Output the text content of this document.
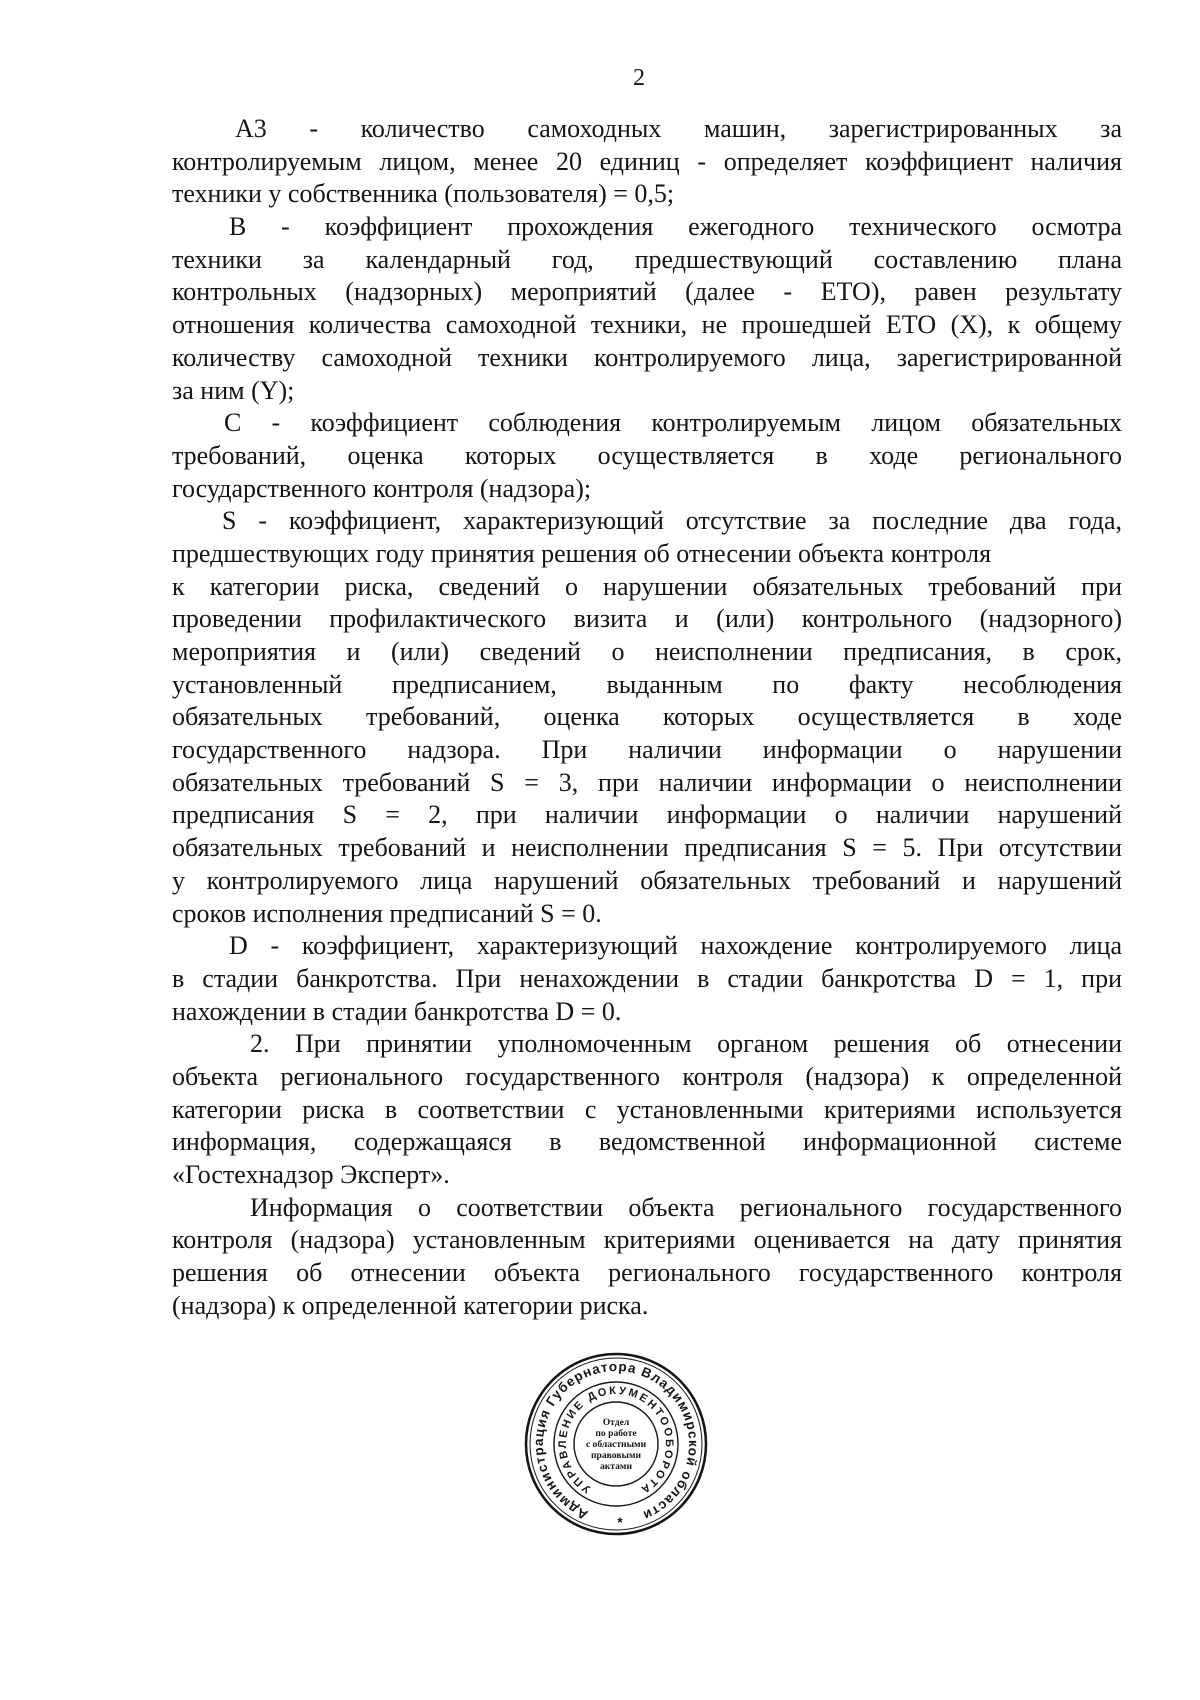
2
А3 - количество самоходных машин, зарегистрированных за
контролируемым лицом, менее 20 единиц - определяет коэффициент наличия
техники у собственника (пользователя) = 0,5;
В - коэффициент прохождения ежегодного технического осмотра
техники за календарный год, предшествующий составлению плана
контрольных (надзорных) мероприятий (далее - ЕТО), равен результату
отношения количества самоходной техники, не прошедшей ЕТО (X), к общему
количеству самоходной техники контролируемого лица, зарегистрированной
за ним (Y);
С - коэффициент соблюдения контролируемым лицом обязательных
требований, оценка которых осуществляется в ходе регионального
государственного контроля (надзора);
S - коэффициент, характеризующий отсутствие за последние два года,
предшествующих году принятия решения об отнесении объекта контроля
к категории риска, сведений о нарушении обязательных требований при
проведении профилактического визита и (или) контрольного (надзорного)
мероприятия и (или) сведений о неисполнении предписания, в срок,
установленный предписанием, выданным по факту несоблюдения
обязательных требований, оценка которых осуществляется в ходе
государственного надзора. При наличии информации о нарушении
обязательных требований S = 3, при наличии информации о неисполнении
предписания S = 2, при наличии информации о наличии нарушений
обязательных требований и неисполнении предписания S = 5. При отсутствии
у контролируемого лица нарушений обязательных требований и нарушений
сроков исполнения предписаний S = 0.
D - коэффициент, характеризующий нахождение контролируемого лица
в стадии банкротства. При ненахождении в стадии банкротства D = 1, при
нахождении в стадии банкротства D = 0.
2. При принятии уполномоченным органом решения об отнесении
объекта регионального государственного контроля (надзора) к определенной
категории риска в соответствии с установленными критериями используется
информация, содержащаяся в ведомственной информационной системе
«Гостехнадзор Эксперт».
Информация о соответствии объекта регионального государственного
контроля (надзора) установленным критериями оценивается на дату принятия
решения об отнесении объекта регионального государственного контроля
(надзора) к определенной категории риска.
Администрация Губернатора Владимирской области
УПРАВЛЕНИЕ ДОКУМЕНТООБОРОТА
Отдел
по работе
с областными
правовыми
актами
*
